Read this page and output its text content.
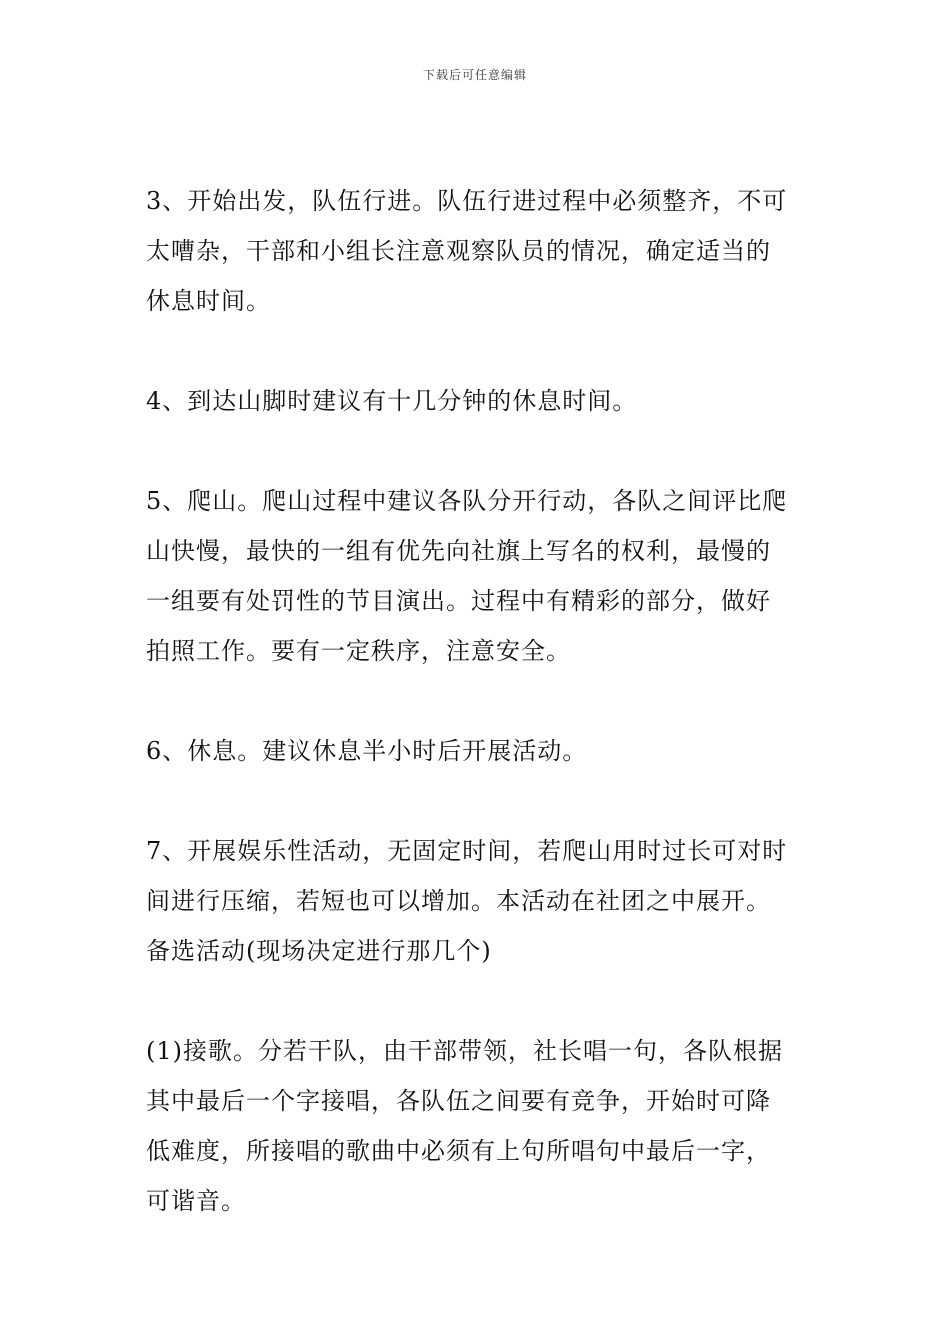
下载后可任意编辑

3、开始出发，队伍行进。队伍行进过程中必须整齐，不可
太嘈杂，干部和小组长注意观察队员的情况，确定适当的
休息时间。

4、到达山脚时建议有十几分钟的休息时间。

5、爬山。爬山过程中建议各队分开行动，各队之间评比爬
山快慢，最快的一组有优先向社旗上写名的权利，最慢的
一组要有处罚性的节目演出。过程中有精彩的部分，做好
拍照工作。要有一定秩序，注意安全。

6、休息。建议休息半小时后开展活动。

7、开展娱乐性活动，无固定时间，若爬山用时过长可对时
间进行压缩，若短也可以增加。本活动在社团之中展开。
备选活动(现场决定进行那几个)

(1)接歌。分若干队，由干部带领，社长唱一句，各队根据
其中最后一个字接唱，各队伍之间要有竞争，开始时可降
低难度，所接唱的歌曲中必须有上句所唱句中最后一字，
可谐音。
